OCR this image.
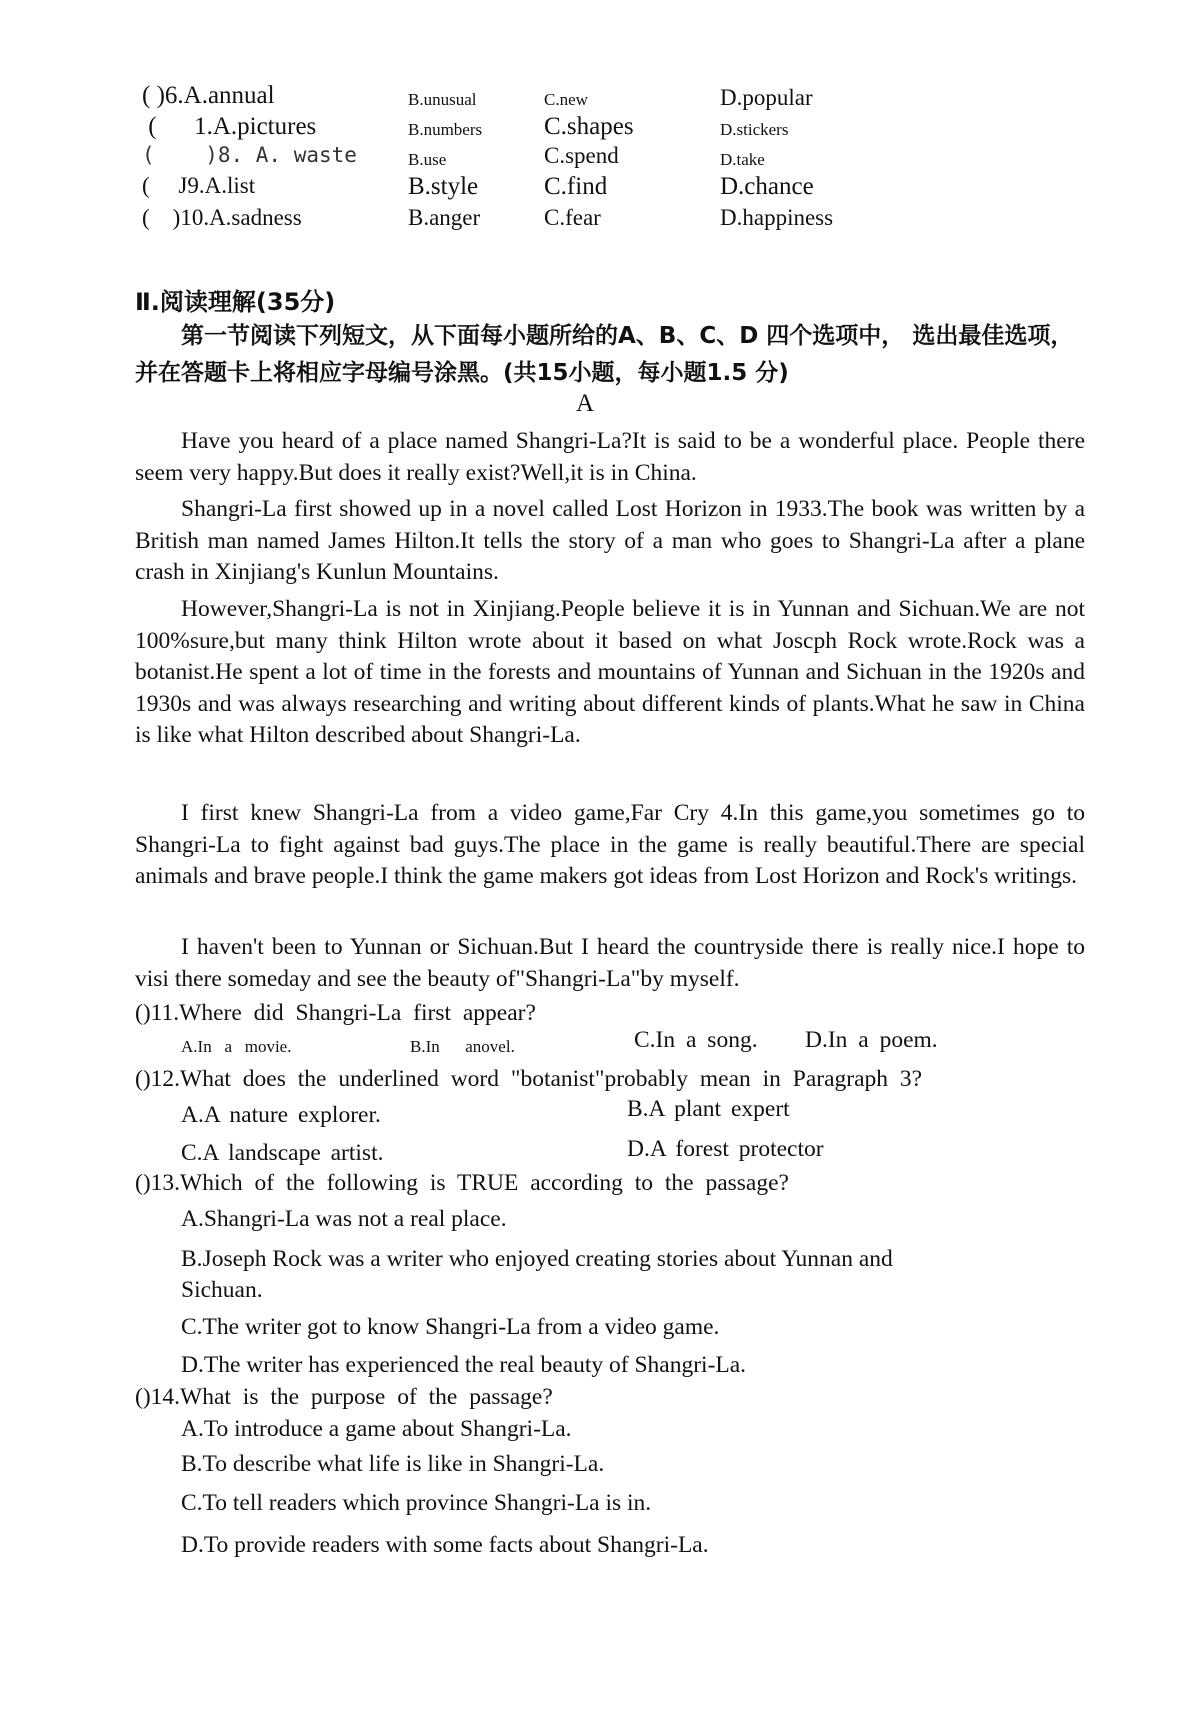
( )6.A.annual	B.unusual	C.new	D.popular
(      1.A.pictures	B.numbers C.shapes	D.stickers
(    )8. A. waste	B.use	C.spend	D.take
(     J9.A.list	B.style	C.find	D.chance
(    )10.A.sadness	B.anger	C.fear	D.happiness
Ⅱ.阅读理解(35分)

第一节阅读下列短文，从下面每小题所给的A、B、C、D 四个选项中， 选出最佳选项，并在答题卡上将相应字母编号涂黑。(共15小题，每小题1.5 分)

A

Have you heard of a place named Shangri-La?It is said to be a wonderful place. People there seem very happy.But does it really exist?Well,it is in China.

Shangri-La first showed up in a novel called Lost Horizon in 1933.The book was written by a British man named James Hilton.It tells the story of a man who goes to Shangri-La after a plane crash in Xinjiang's Kunlun Mountains.

However,Shangri-La is not in Xinjiang.People believe it is in Yunnan and Sichuan.We are not 100%sure,but many think Hilton wrote about it based on what Joscph Rock wrote.Rock was a botanist.He spent a lot of time in the forests and mountains of Yunnan and Sichuan in the 1920s and 1930s and was always researching and writing about different kinds of plants.What he saw in China is like what Hilton described about Shangri-La.

I first knew Shangri-La from a video game,Far Cry 4.In this game,you sometimes go to Shangri-La to fight against bad guys.The place in the game is really beautiful.There are special animals and brave people.I think the game makers got ideas from Lost Horizon and Rock's writings.

I haven't been to Yunnan or Sichuan.But I heard the countryside there is really nice.I hope to visi there someday and see the beauty of"Shangri-La"by myself.

()11.Where did Shangri-La first appear?

A.In   a   movie.	B.In      anovel.	C.In a song.	D.In a poem.

()12.What does the underlined word "botanist"probably mean in Paragraph 3?

A.A nature explorer.	B.A plant expert

C.A landscape artist.	D.A forest protector

()13.Which of the following is TRUE according to the passage?

A.Shangri-La was not a real place.

B.Joseph Rock was a writer who enjoyed creating stories about Yunnan and

Sichuan.

C.The writer got to know Shangri-La from a video game.

D.The writer has experienced the real beauty of Shangri-La.

()14.What is the purpose of the passage?

A.To introduce a game about Shangri-La.

B.To describe what life is like in Shangri-La.

C.To tell readers which province Shangri-La is in.

D.To provide readers with some facts about Shangri-La.
